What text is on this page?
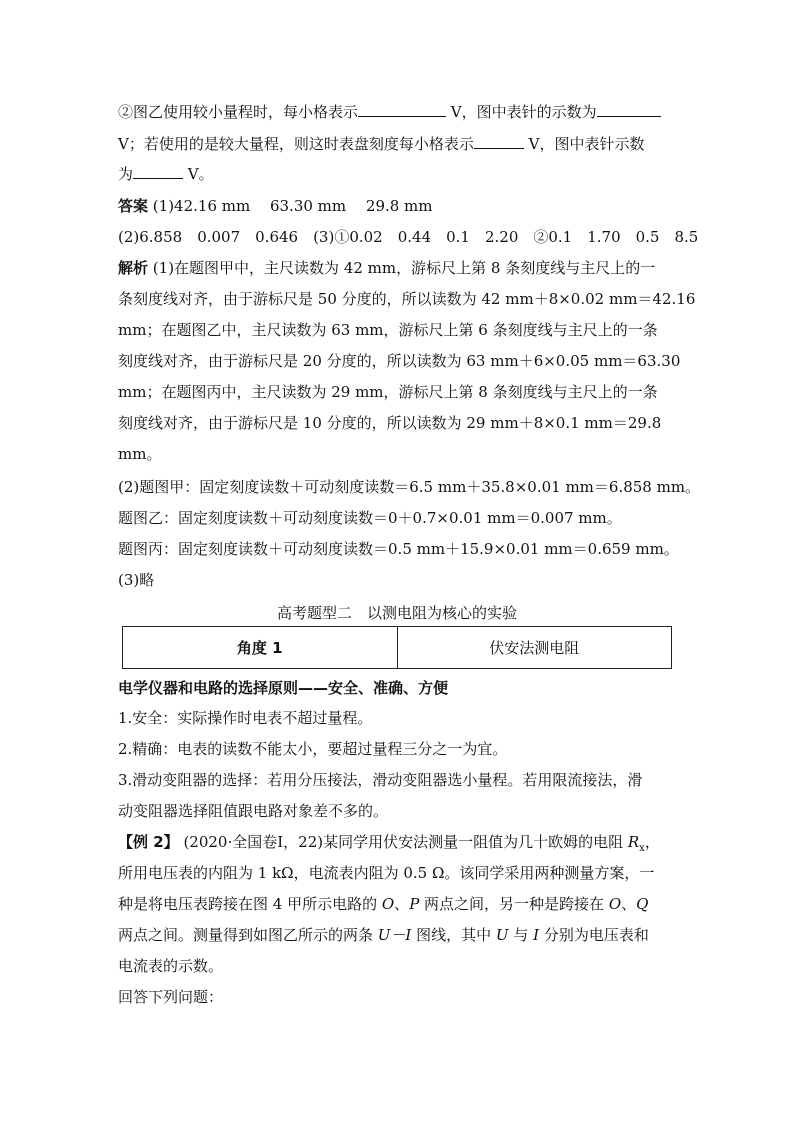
②图乙使用较小量程时，每小格表示	V，图中表针的示数为
V；若使用的是较大量程，则这时表盘刻度每小格表示	V，图中表针示数
为	V。
答案 (1)42.16 mm　 63.30 mm　 29.8 mm
(2)6.858　0.007　0.646　(3)①0.02　0.44　0.1　2.20　②0.1　1.70　0.5　8.5
解析 (1)在题图甲中，主尺读数为 42 mm，游标尺上第 8 条刻度线与主尺上的一
条刻度线对齐，由于游标尺是 50 分度的，所以读数为 42 mm＋8×0.02 mm＝42.16
mm；在题图乙中，主尺读数为 63 mm，游标尺上第 6 条刻度线与主尺上的一条
刻度线对齐，由于游标尺是 20 分度的，所以读数为 63 mm＋6×0.05 mm＝63.30
mm；在题图丙中，主尺读数为 29 mm，游标尺上第 8 条刻度线与主尺上的一条
刻度线对齐，由于游标尺是 10 分度的，所以读数为 29 mm＋8×0.1 mm＝29.8
mm。
(2)题图甲：固定刻度读数＋可动刻度读数＝6.5 mm＋35.8×0.01 mm＝6.858 mm。
题图乙：固定刻度读数＋可动刻度读数＝0＋0.7×0.01 mm＝0.007 mm。
题图丙：固定刻度读数＋可动刻度读数＝0.5 mm＋15.9×0.01 mm＝0.659 mm。
(3)略
高考题型二　以测电阻为核心的实验
角度 1	伏安法测电阻
电学仪器和电路的选择原则——安全、准确、方便
1.安全：实际操作时电表不超过量程。
2.精确：电表的读数不能太小，要超过量程三分之一为宜。
3.滑动变阻器的选择：若用分压接法，滑动变阻器选小量程。若用限流接法，滑
动变阻器选择阻值跟电路对象差不多的。
【例 2】 (2020·全国卷Ⅰ，22)某同学用伏安法测量一阻值为几十欧姆的电阻 $R_x$，
所用电压表的内阻为 1 kΩ，电流表内阻为 0.5 Ω。该同学采用两种测量方案，一
种是将电压表跨接在图 4 甲所示电路的 O、P 两点之间，另一种是跨接在 O、Q
两点之间。测量得到如图乙所示的两条 U－I 图线，其中 U 与 I 分别为电压表和
电流表的示数。
回答下列问题：
